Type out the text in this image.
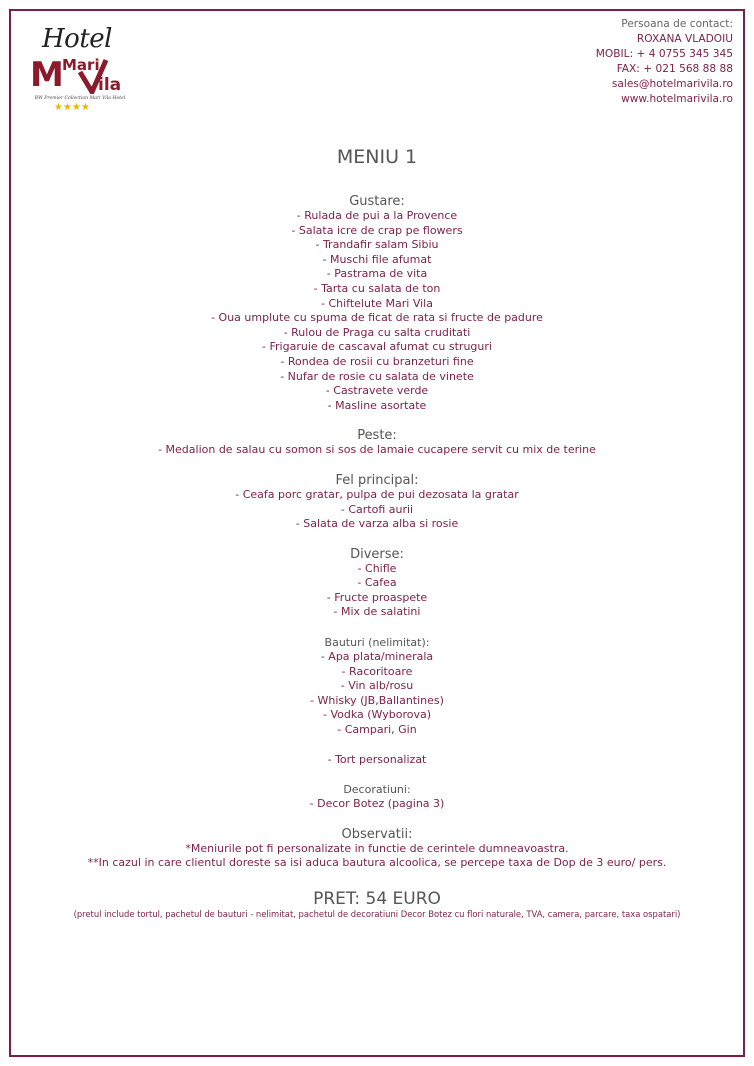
Hotel
M
Mari
ila
BW Premier Collection Mari Vila Hotel
★★★★
Persoana de contact:
ROXANA VLADOIU
MOBIL: + 4 0755 345 345
FAX: + 021 568 88 88
sales@hotelmarivila.ro
www.hotelmarivila.ro
MENIU 1
Gustare:
- Rulada de pui a la Provence
- Salata icre de crap pe flowers
- Trandafir salam Sibiu
- Muschi file afumat
- Pastrama de vita
- Tarta cu salata de ton
- Chiftelute Mari Vila
- Oua umplute cu spuma de ficat de rata si fructe de padure
- Rulou de Praga cu salta cruditati
- Frigaruie de cascaval afumat cu struguri
- Rondea de rosii cu branzeturi fine
- Nufar de rosie cu salata de vinete
- Castravete verde
- Masline asortate
Peste:
- Medalion de salau cu somon si sos de lamaie cucapere servit cu mix de terine
Fel principal:
- Ceafa porc gratar, pulpa de pui dezosata la gratar
- Cartofi aurii
- Salata de varza alba si rosie
Diverse:
- Chifle
- Cafea
- Fructe proaspete
- Mix de salatini
Bauturi (nelimitat):
- Apa plata/minerala
- Racoritoare
- Vin alb/rosu
- Whisky (JB,Ballantines)
- Vodka (Wyborova)
- Campari, Gin
- Tort personalizat
Decoratiuni:
- Decor Botez (pagina 3)
Observatii:
*Meniurile pot fi personalizate in functie de cerintele dumneavoastra.
**In cazul in care clientul doreste sa isi aduca bautura alcoolica, se percepe taxa de Dop de 3 euro/ pers.
PRET: 54 EURO
(pretul include tortul, pachetul de bauturi - nelimitat, pachetul de decoratiuni Decor Botez cu flori naturale, TVA, camera, parcare, taxa ospatari)
